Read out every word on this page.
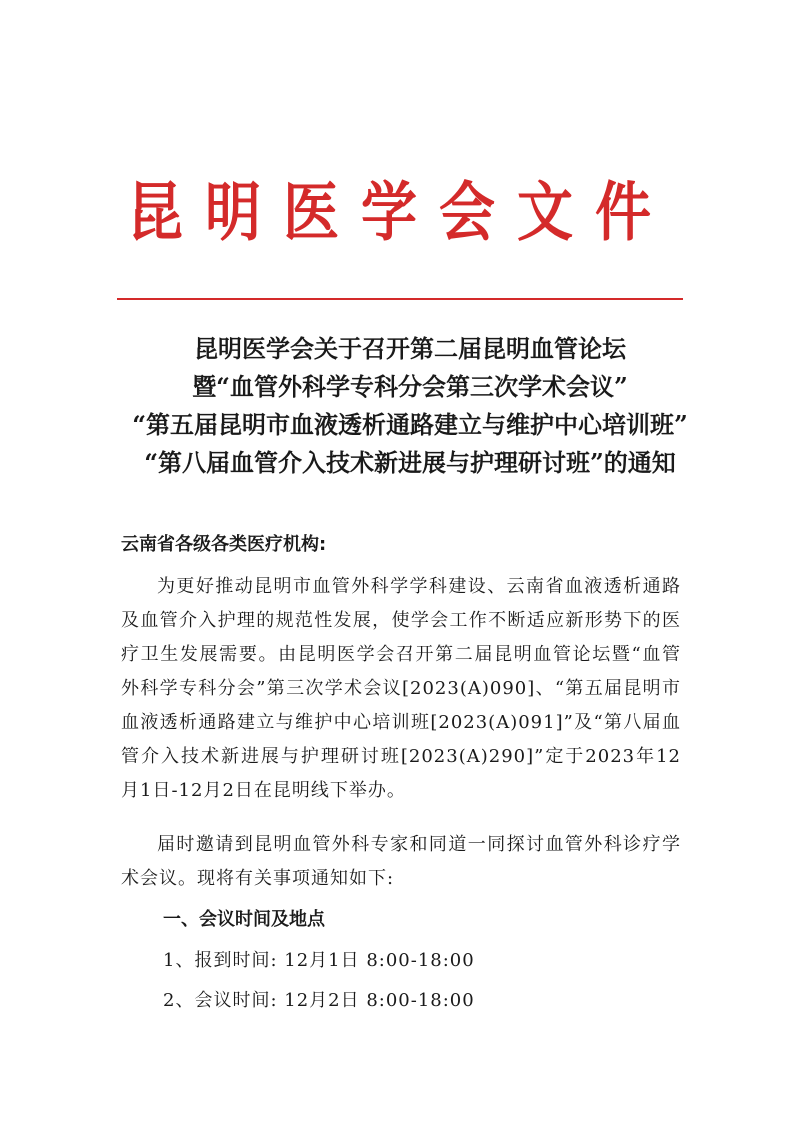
昆明医学会文件
昆明医学会关于召开第二届昆明血管论坛
暨“血管外科学专科分会第三次学术会议”
“第五届昆明市血液透析通路建立与维护中心培训班”
“第八届血管介入技术新进展与护理研讨班”的通知
云南省各级各类医疗机构:
为更好推动昆明市血管外科学学科建设、云南省血液透析通路及血管介入护理的规范性发展，使学会工作不断适应新形势下的医疗卫生发展需要。由昆明医学会召开第二届昆明血管论坛暨“血管外科学专科分会”第三次学术会议[2023(A)090]、“第五届昆明市血液透析通路建立与维护中心培训班[2023(A)091]”及“第八届血管介入技术新进展与护理研讨班[2023(A)290]”定于2023年12月1日-12月2日在昆明线下举办。
届时邀请到昆明血管外科专家和同道一同探讨血管外科诊疗学术会议。现将有关事项通知如下:
一、会议时间及地点
1、报到时间: 12月1日 8:00-18:00
2、会议时间: 12月2日 8:00-18:00
